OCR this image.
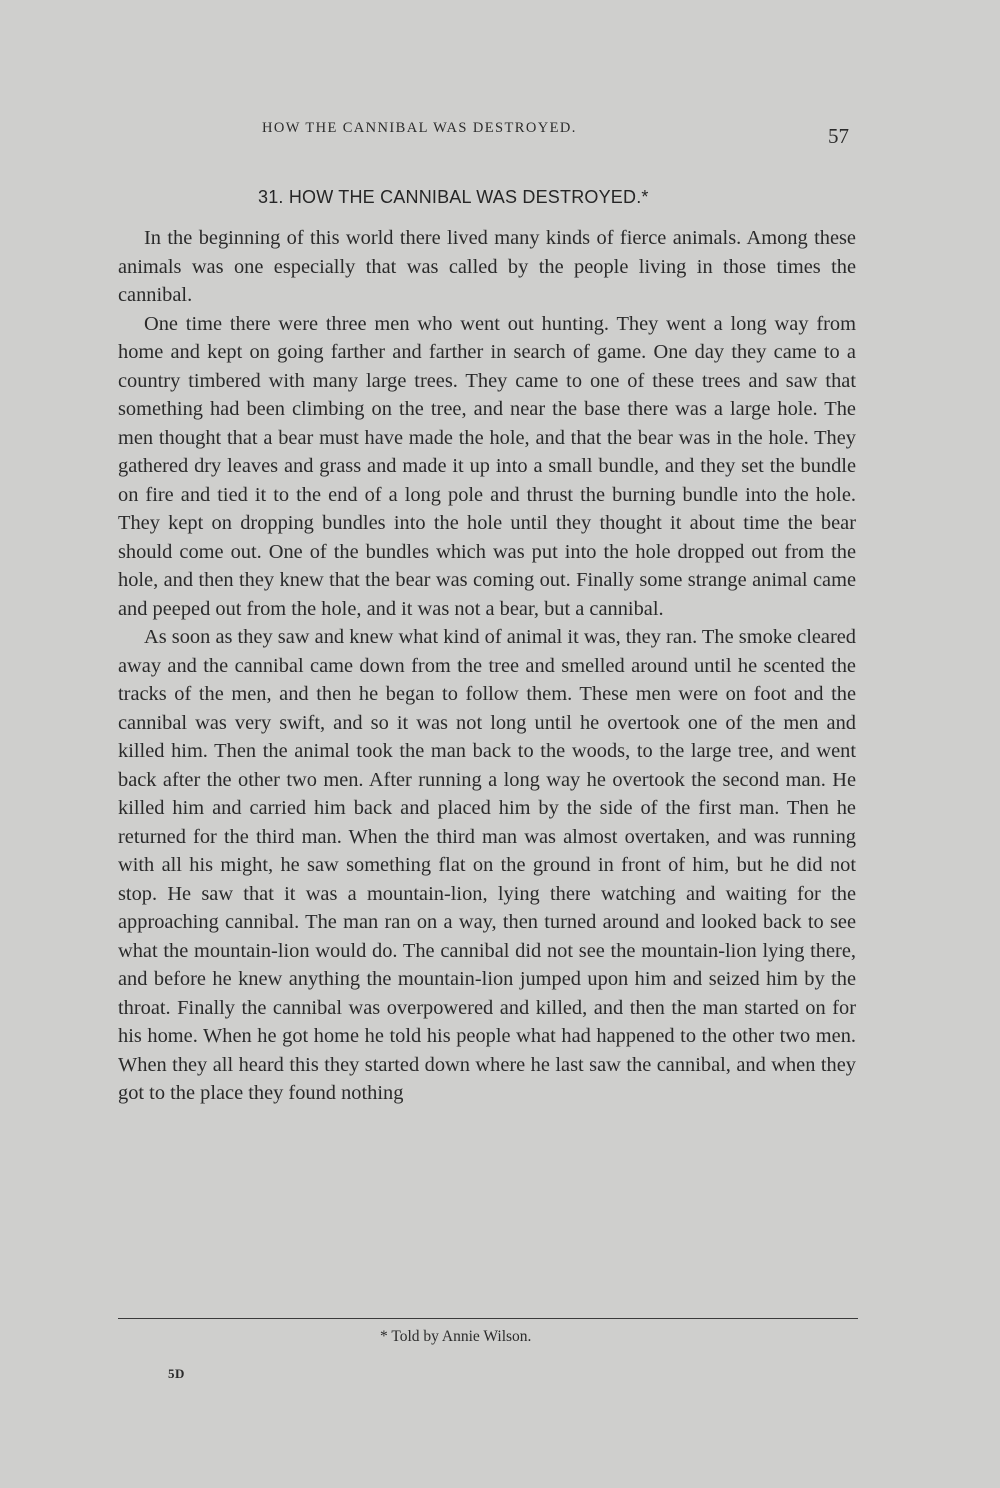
HOW THE CANNIBAL WAS DESTROYED.	57
31. HOW THE CANNIBAL WAS DESTROYED.*

In the beginning of this world there lived many kinds of fierce animals. Among these animals was one especially that was called by the people living in those times the cannibal.

One time there were three men who went out hunting. They went a long way from home and kept on going farther and farther in search of game. One day they came to a country timbered with many large trees. They came to one of these trees and saw that something had been climbing on the tree, and near the base there was a large hole. The men thought that a bear must have made the hole, and that the bear was in the hole. They gathered dry leaves and grass and made it up into a small bundle, and they set the bundle on fire and tied it to the end of a long pole and thrust the burning bundle into the hole. They kept on dropping bundles into the hole until they thought it about time the bear should come out. One of the bundles which was put into the hole dropped out from the hole, and then they knew that the bear was coming out. Finally some strange animal came and peeped out from the hole, and it was not a bear, but a cannibal.

As soon as they saw and knew what kind of animal it was, they ran. The smoke cleared away and the cannibal came down from the tree and smelled around until he scented the tracks of the men, and then he began to follow them. These men were on foot and the cannibal was very swift, and so it was not long until he overtook one of the men and killed him. Then the animal took the man back to the woods, to the large tree, and went back after the other two men. After running a long way he overtook the second man. He killed him and carried him back and placed him by the side of the first man. Then he returned for the third man. When the third man was almost overtaken, and was running with all his might, he saw something flat on the ground in front of him, but he did not stop. He saw that it was a mountain-lion, lying there watching and waiting for the approaching cannibal. The man ran on a way, then turned around and looked back to see what the mountain-lion would do. The cannibal did not see the mountain-lion lying there, and before he knew anything the mountain-lion jumped upon him and seized him by the throat. Finally the cannibal was overpowered and killed, and then the man started on for his home. When he got home he told his people what had happened to the other two men. When they all heard this they started down where he last saw the cannibal, and when they got to the place they found nothing

* Told by Annie Wilson.
5D
